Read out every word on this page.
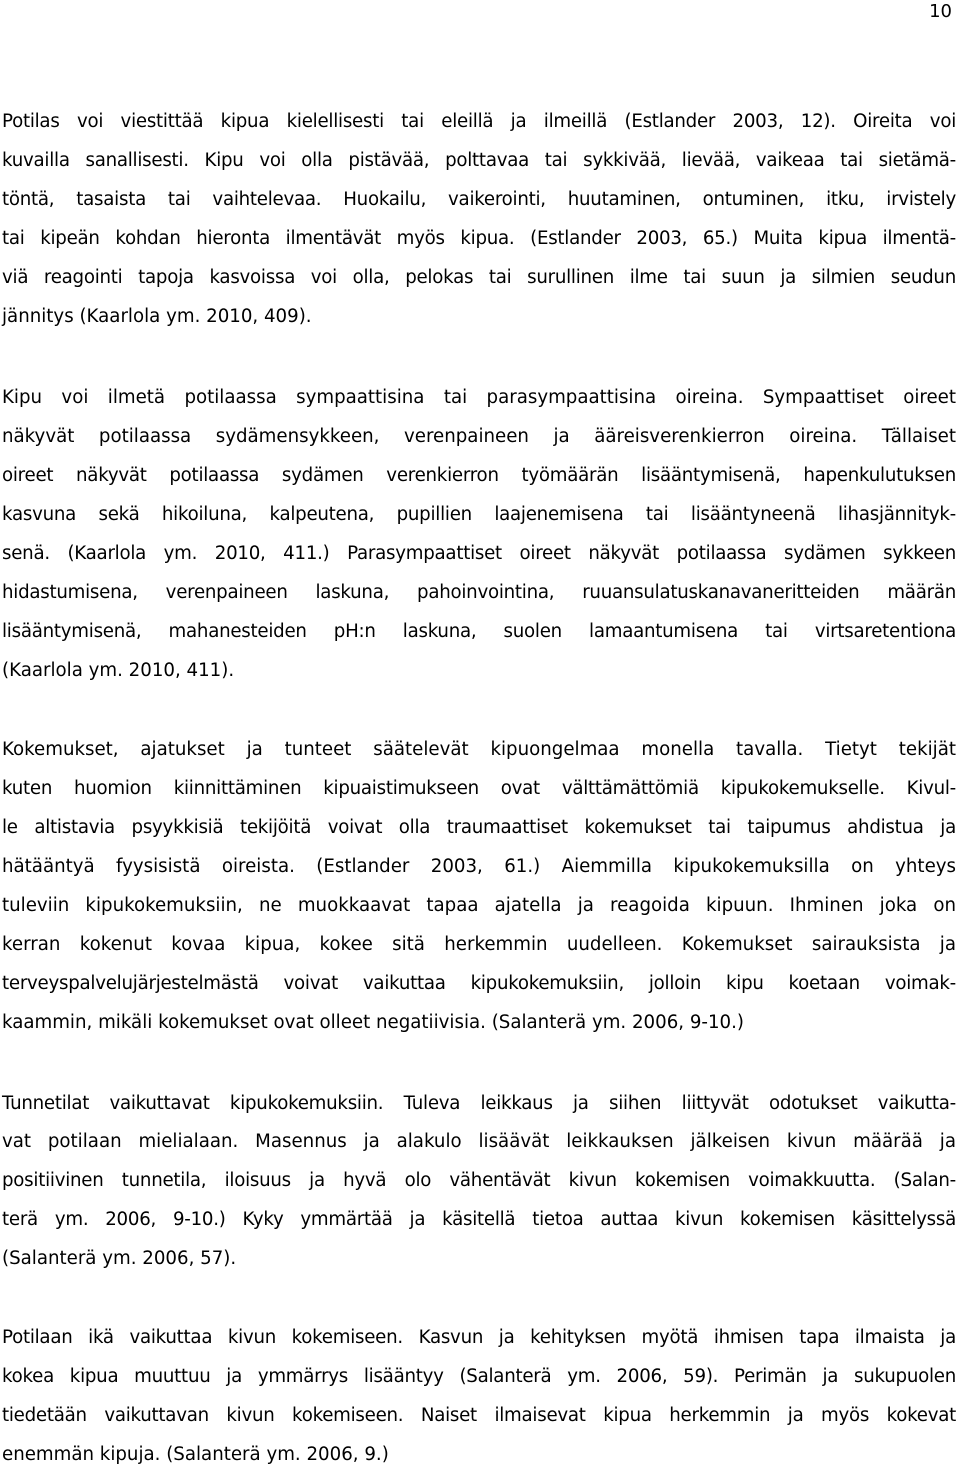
10
Potilas voi viestittää kipua kielellisesti tai eleillä ja ilmeillä (Estlander 2003, 12). Oireita voi
kuvailla sanallisesti. Kipu voi olla pistävää, polttavaa tai sykkivää, lievää, vaikeaa tai sietämä-
töntä, tasaista tai vaihtelevaa. Huokailu, vaikerointi, huutaminen, ontuminen, itku, irvistely
tai kipeän kohdan hieronta ilmentävät myös kipua. (Estlander 2003, 65.) Muita kipua ilmentä-
viä reagointi tapoja kasvoissa voi olla, pelokas tai surullinen ilme tai suun ja silmien seudun
jännitys (Kaarlola ym. 2010, 409).
Kipu voi ilmetä potilaassa sympaattisina tai parasympaattisina oireina. Sympaattiset oireet
näkyvät potilaassa sydämensykkeen, verenpaineen ja ääreisverenkierron oireina. Tällaiset
oireet näkyvät potilaassa sydämen verenkierron työmäärän lisääntymisenä, hapenkulutuksen
kasvuna sekä hikoiluna, kalpeutena, pupillien laajenemisena tai lisääntyneenä lihasjännityk-
senä. (Kaarlola ym. 2010, 411.) Parasympaattiset oireet näkyvät potilaassa sydämen sykkeen
hidastumisena, verenpaineen laskuna, pahoinvointina, ruuansulatuskanavaneritteiden määrän
lisääntymisenä, mahanesteiden pH:n laskuna, suolen lamaantumisena tai virtsaretentiona
(Kaarlola ym. 2010, 411).
Kokemukset, ajatukset ja tunteet säätelevät kipuongelmaa monella tavalla. Tietyt tekijät
kuten huomion kiinnittäminen kipuaistimukseen ovat välttämättömiä kipukokemukselle. Kivul-
le altistavia psyykkisiä tekijöitä voivat olla traumaattiset kokemukset tai taipumus ahdistua ja
hätääntyä fyysisistä oireista. (Estlander 2003, 61.) Aiemmilla kipukokemuksilla on yhteys
tuleviin kipukokemuksiin, ne muokkaavat tapaa ajatella ja reagoida kipuun. Ihminen joka on
kerran kokenut kovaa kipua, kokee sitä herkemmin uudelleen. Kokemukset sairauksista ja
terveyspalvelujärjestelmästä voivat vaikuttaa kipukokemuksiin, jolloin kipu koetaan voimak-
kaammin, mikäli kokemukset ovat olleet negatiivisia. (Salanterä ym. 2006, 9-10.)
Tunnetilat vaikuttavat kipukokemuksiin. Tuleva leikkaus ja siihen liittyvät odotukset vaikutta-
vat potilaan mielialaan. Masennus ja alakulo lisäävät leikkauksen jälkeisen kivun määrää ja
positiivinen tunnetila, iloisuus ja hyvä olo vähentävät kivun kokemisen voimakkuutta. (Salan-
terä ym. 2006, 9-10.) Kyky ymmärtää ja käsitellä tietoa auttaa kivun kokemisen käsittelyssä
(Salanterä ym. 2006, 57).
Potilaan ikä vaikuttaa kivun kokemiseen. Kasvun ja kehityksen myötä ihmisen tapa ilmaista ja
kokea kipua muuttuu ja ymmärrys lisääntyy (Salanterä ym. 2006, 59). Perimän ja sukupuolen
tiedetään vaikuttavan kivun kokemiseen. Naiset ilmaisevat kipua herkemmin ja myös kokevat
enemmän kipuja. (Salanterä ym. 2006, 9.)
